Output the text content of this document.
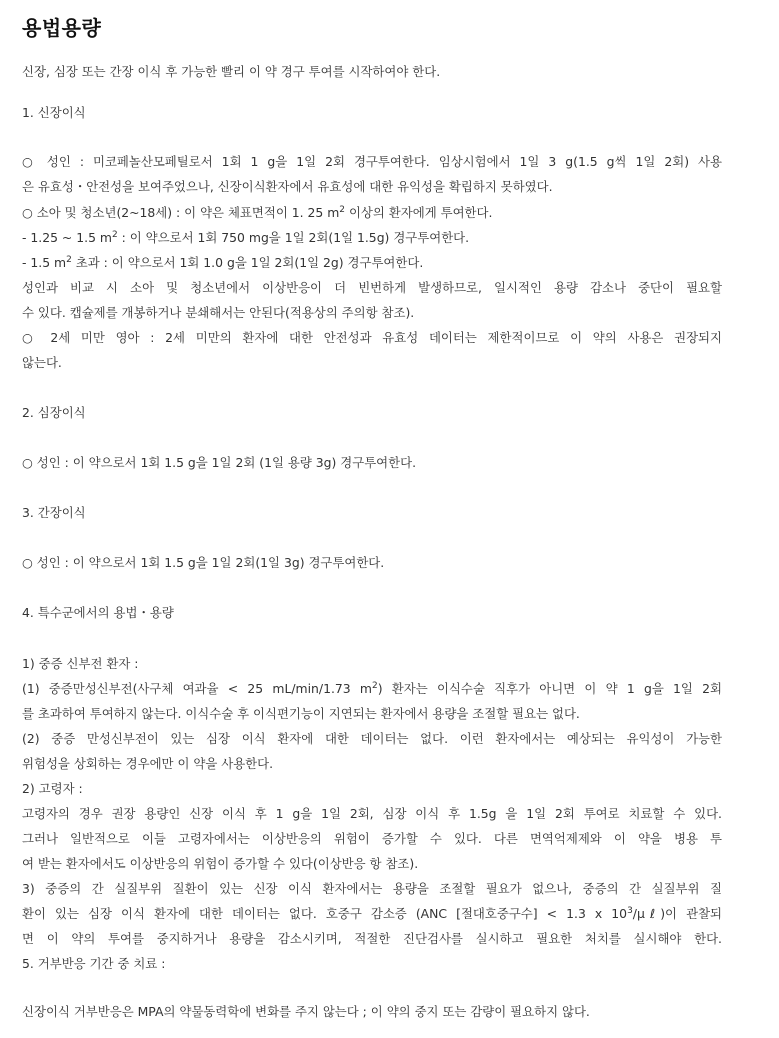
용법용량
신장, 심장 또는 간장 이식 후 가능한 빨리 이 약 경구 투여를 시작하여야 한다.
1. 신장이식
○ 성인 : 미코페놀산모페틸로서 1회 1 g을 1일 2회 경구투여한다. 임상시험에서 1일 3 g(1.5 g씩 1일 2회) 사용
은 유효성・안전성을 보여주었으나, 신장이식환자에서 유효성에 대한 유익성을 확립하지 못하였다.
○ 소아 및 청소년(2~18세) : 이 약은 체표면적이 1. 25 $m^2$ 이상의 환자에게 투여한다.
- 1.25 ~ 1.5 $m^2$ : 이 약으로서 1회 750 mg을 1일 2회(1일 1.5g) 경구투여한다.
- 1.5 $m^2$ 초과 : 이 약으로서 1회 1.0 g을 1일 2회(1일 2g) 경구투여한다.
성인과 비교 시 소아 및 청소년에서 이상반응이 더 빈번하게 발생하므로, 일시적인 용량 감소나 중단이 필요할
수 있다. 캡슐제를 개봉하거나 분쇄해서는 안된다(적용상의 주의항 참조).
○ 2세 미만 영아 : 2세 미만의 환자에 대한 안전성과 유효성 데이터는 제한적이므로 이 약의 사용은 권장되지
않는다.
2. 심장이식
○ 성인 : 이 약으로서 1회 1.5 g을 1일 2회 (1일 용량 3g) 경구투여한다.
3. 간장이식
○ 성인 : 이 약으로서 1회 1.5 g을 1일 2회(1일 3g) 경구투여한다.
4. 특수군에서의 용법・용량
1) 중증 신부전 환자 :
(1) 중증만성신부전(사구체 여과율 < 25 mL/min/1.73 $m^2$) 환자는 이식수술 직후가 아니면 이 약 1 g을 1일 2회
를 초과하여 투여하지 않는다. 이식수술 후 이식편기능이 지연되는 환자에서 용량을 조절할 필요는 없다.
(2) 중증 만성신부전이 있는 심장 이식 환자에 대한 데이터는 없다. 이런 환자에서는 예상되는 유익성이 가능한
위험성을 상회하는 경우에만 이 약을 사용한다.
2) 고령자 :
고령자의 경우 권장 용량인 신장 이식 후 1 g을 1일 2회, 심장 이식 후 1.5g 을 1일 2회 투여로 치료할 수 있다.
그러나 일반적으로 이들 고령자에서는 이상반응의 위험이 증가할 수 있다. 다른 면역억제제와 이 약을 병용 투
여 받는 환자에서도 이상반응의 위험이 증가할 수 있다(이상반응 항 참조).
3) 중증의 간 실질부위 질환이 있는 신장 이식 환자에서는 용량을 조절할 필요가 없으나, 중증의 간 실질부위 질
환이 있는 심장 이식 환자에 대한 데이터는 없다. 호중구 감소증 (ANC [절대호중구수] < 1.3 x $10^3/\mu\ell$)이 관찰되
면 이 약의 투여를 중지하거나 용량을 감소시키며, 적절한 진단검사를 실시하고 필요한 처치를 실시해야 한다.
5. 거부반응 기간 중 치료 :
신장이식 거부반응은 MPA의 약물동력학에 변화를 주지 않는다 ; 이 약의 중지 또는 감량이 필요하지 않다.
